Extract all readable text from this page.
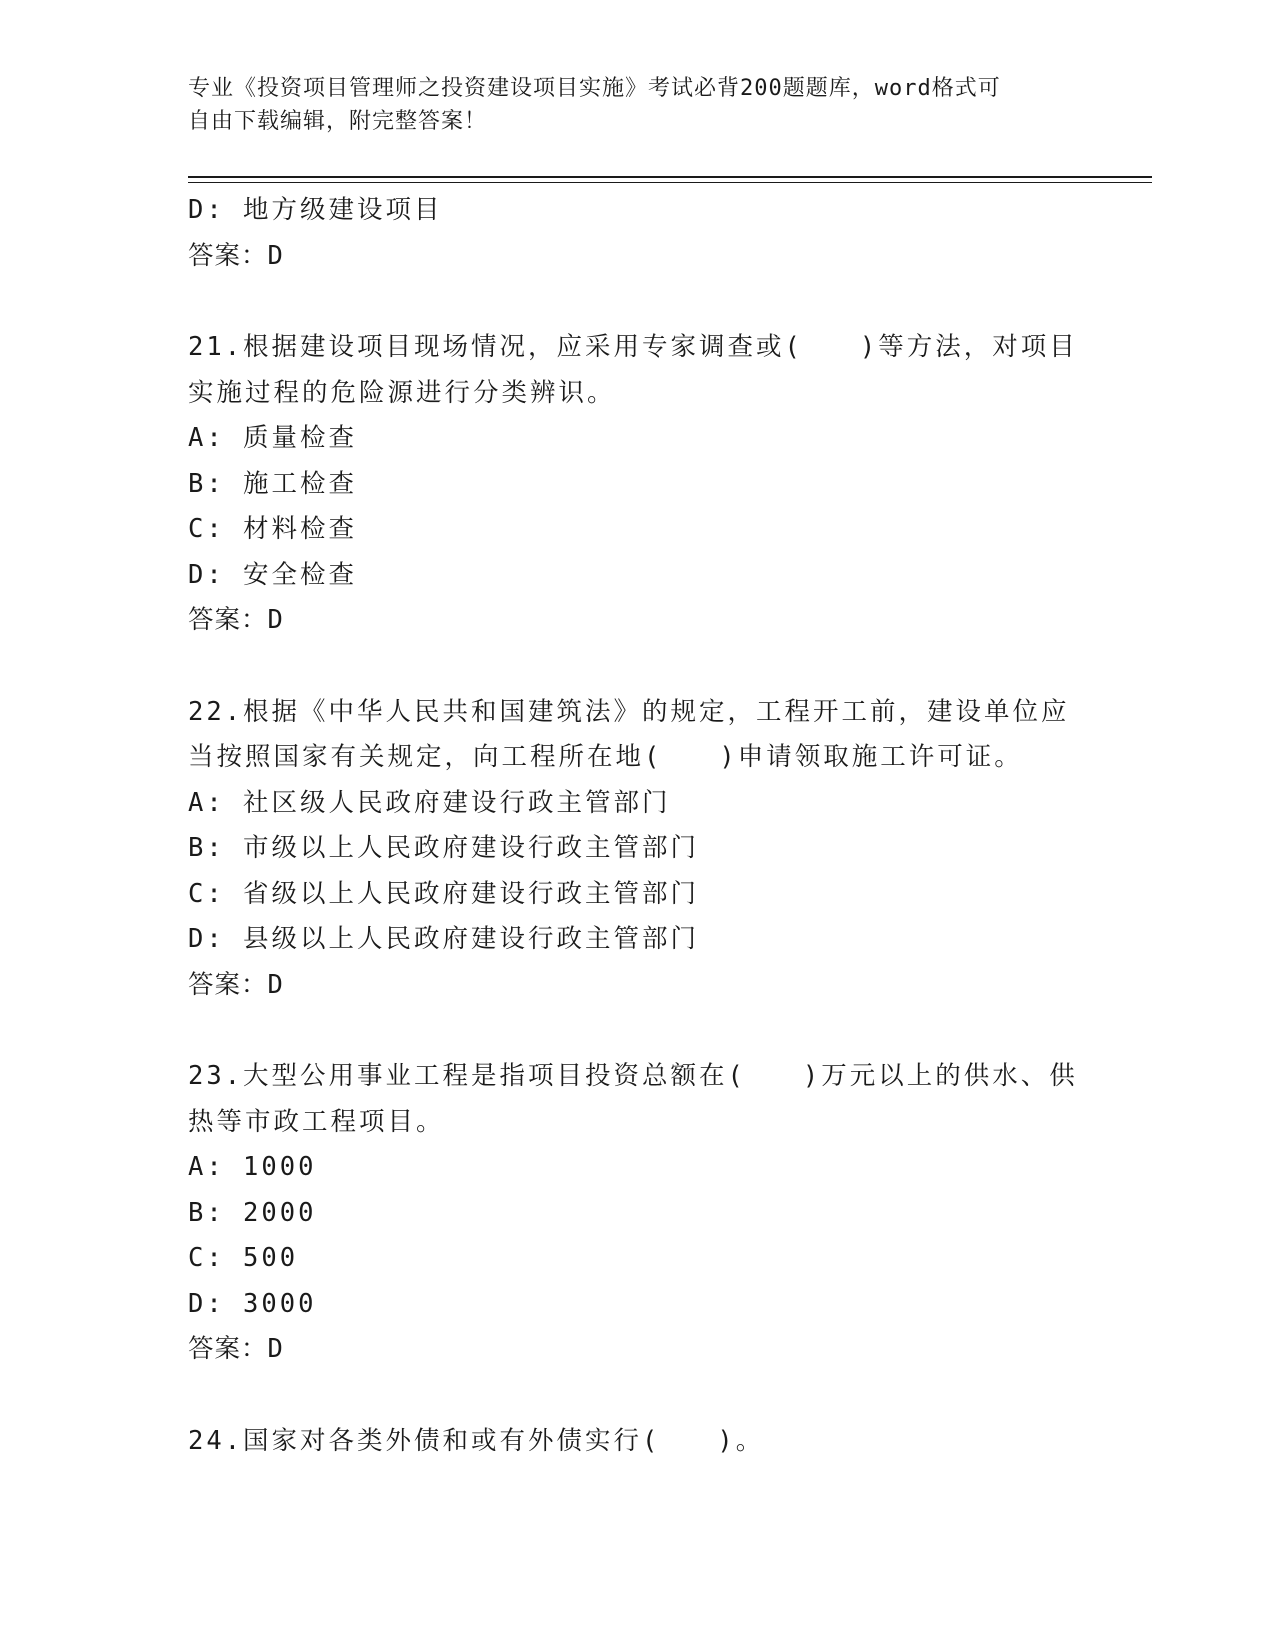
专业《投资项目管理师之投资建设项目实施》考试必背200题题库，word格式可
自由下载编辑，附完整答案！
D: 地方级建设项目
答案：D
21.根据建设项目现场情况，应采用专家调查或(　　)等方法，对项目
实施过程的危险源进行分类辨识。
A: 质量检查
B: 施工检查
C: 材料检查
D: 安全检查
答案：D
22.根据《中华人民共和国建筑法》的规定，工程开工前，建设单位应
当按照国家有关规定，向工程所在地(　　)申请领取施工许可证。
A: 社区级人民政府建设行政主管部门
B: 市级以上人民政府建设行政主管部门
C: 省级以上人民政府建设行政主管部门
D: 县级以上人民政府建设行政主管部门
答案：D
23.大型公用事业工程是指项目投资总额在(　　)万元以上的供水、供
热等市政工程项目。
A: 1000
B: 2000
C: 500
D: 3000
答案：D
24.国家对各类外债和或有外债实行(　　)。
